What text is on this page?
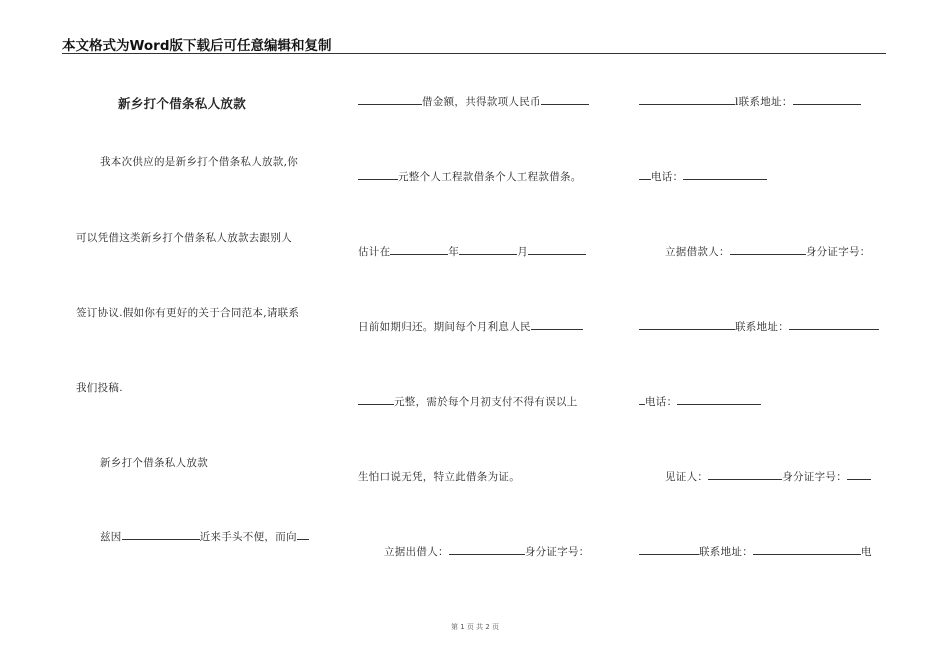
本文格式为Word版下载后可任意编辑和复制
新乡打个借条私人放款
我本次供应的是新乡打个借条私人放款,你
可以凭借这类新乡打个借条私人放款去跟别人
签订协议.假如你有更好的关于合同范本,请联系
我们投稿.
新乡打个借条私人放款
兹因	近来手头不便，而向
借金额，共得款项人民币
元整个人工程款借条个人工程款借条。
估计在	年	月
日前如期归还。期间每个月利息人民
元整，需於每个月初支付不得有误以上
生怕口说无凭，特立此借条为证。
立据出借人：	身分证字号：
l联系地址：
电话：
立据借款人：	身分证字号：
联系地址：
电话：
见证人：	身分证字号：
联系地址：	电
第 1 页 共 2 页
